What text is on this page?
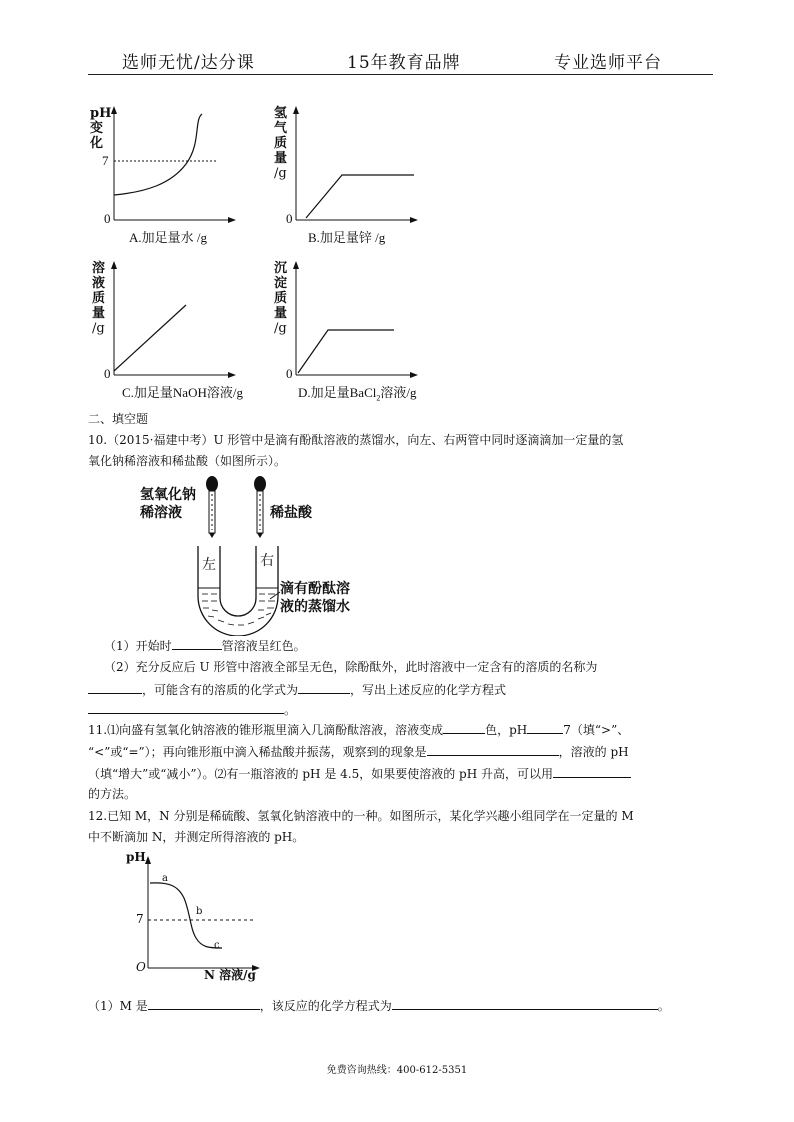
选师无忧/达分课	15年教育品牌	专业选师平台
pH
变
化
7
0
A.加足量水 /g
氢
气
质
量
/g
0
B.加足量锌 /g
溶
液
质
量
/g
0
C.加足量NaOH溶液/g
沉
淀
质
量
/g
0
D.加足量BaCl$_2$溶液/g
二、填空题
10.（2015·福建中考）U 形管中是滴有酚酞溶液的蒸馏水，向左、右两管中同时逐滴滴加一定量的氢
氧化钠稀溶液和稀盐酸（如图所示）。
氢氧化钠
稀溶液	稀盐酸
左	右
滴有酚酞溶
液的蒸馏水
（1）开始时	管溶液呈红色。
（2）充分反应后 U 形管中溶液全部呈无色，除酚酞外，此时溶液中一定含有的溶质的名称为
，可能含有的溶质的化学式为	，写出上述反应的化学方程式
。
11.⑴向盛有氢氧化钠溶液的锥形瓶里滴入几滴酚酞溶液，溶液变成	色，pH	7（填“>”、
“<”或“=”）；再向锥形瓶中滴入稀盐酸并振荡，观察到的现象是	，溶液的 pH
（填“增大”或“减小”）。⑵有一瓶溶液的 pH 是 4.5，如果要使溶液的 pH 升高，可以用
的方法。
12.已知 M，N 分别是稀硫酸、氢氧化钠溶液中的一种。如图所示，某化学兴趣小组同学在一定量的 M
中不断滴加 N，并测定所得溶液的 pH。
pH
7
O
a
b
c
N 溶液/g
（1）M 是	，该反应的化学方程式为	。
免费咨询热线：400-612-5351
